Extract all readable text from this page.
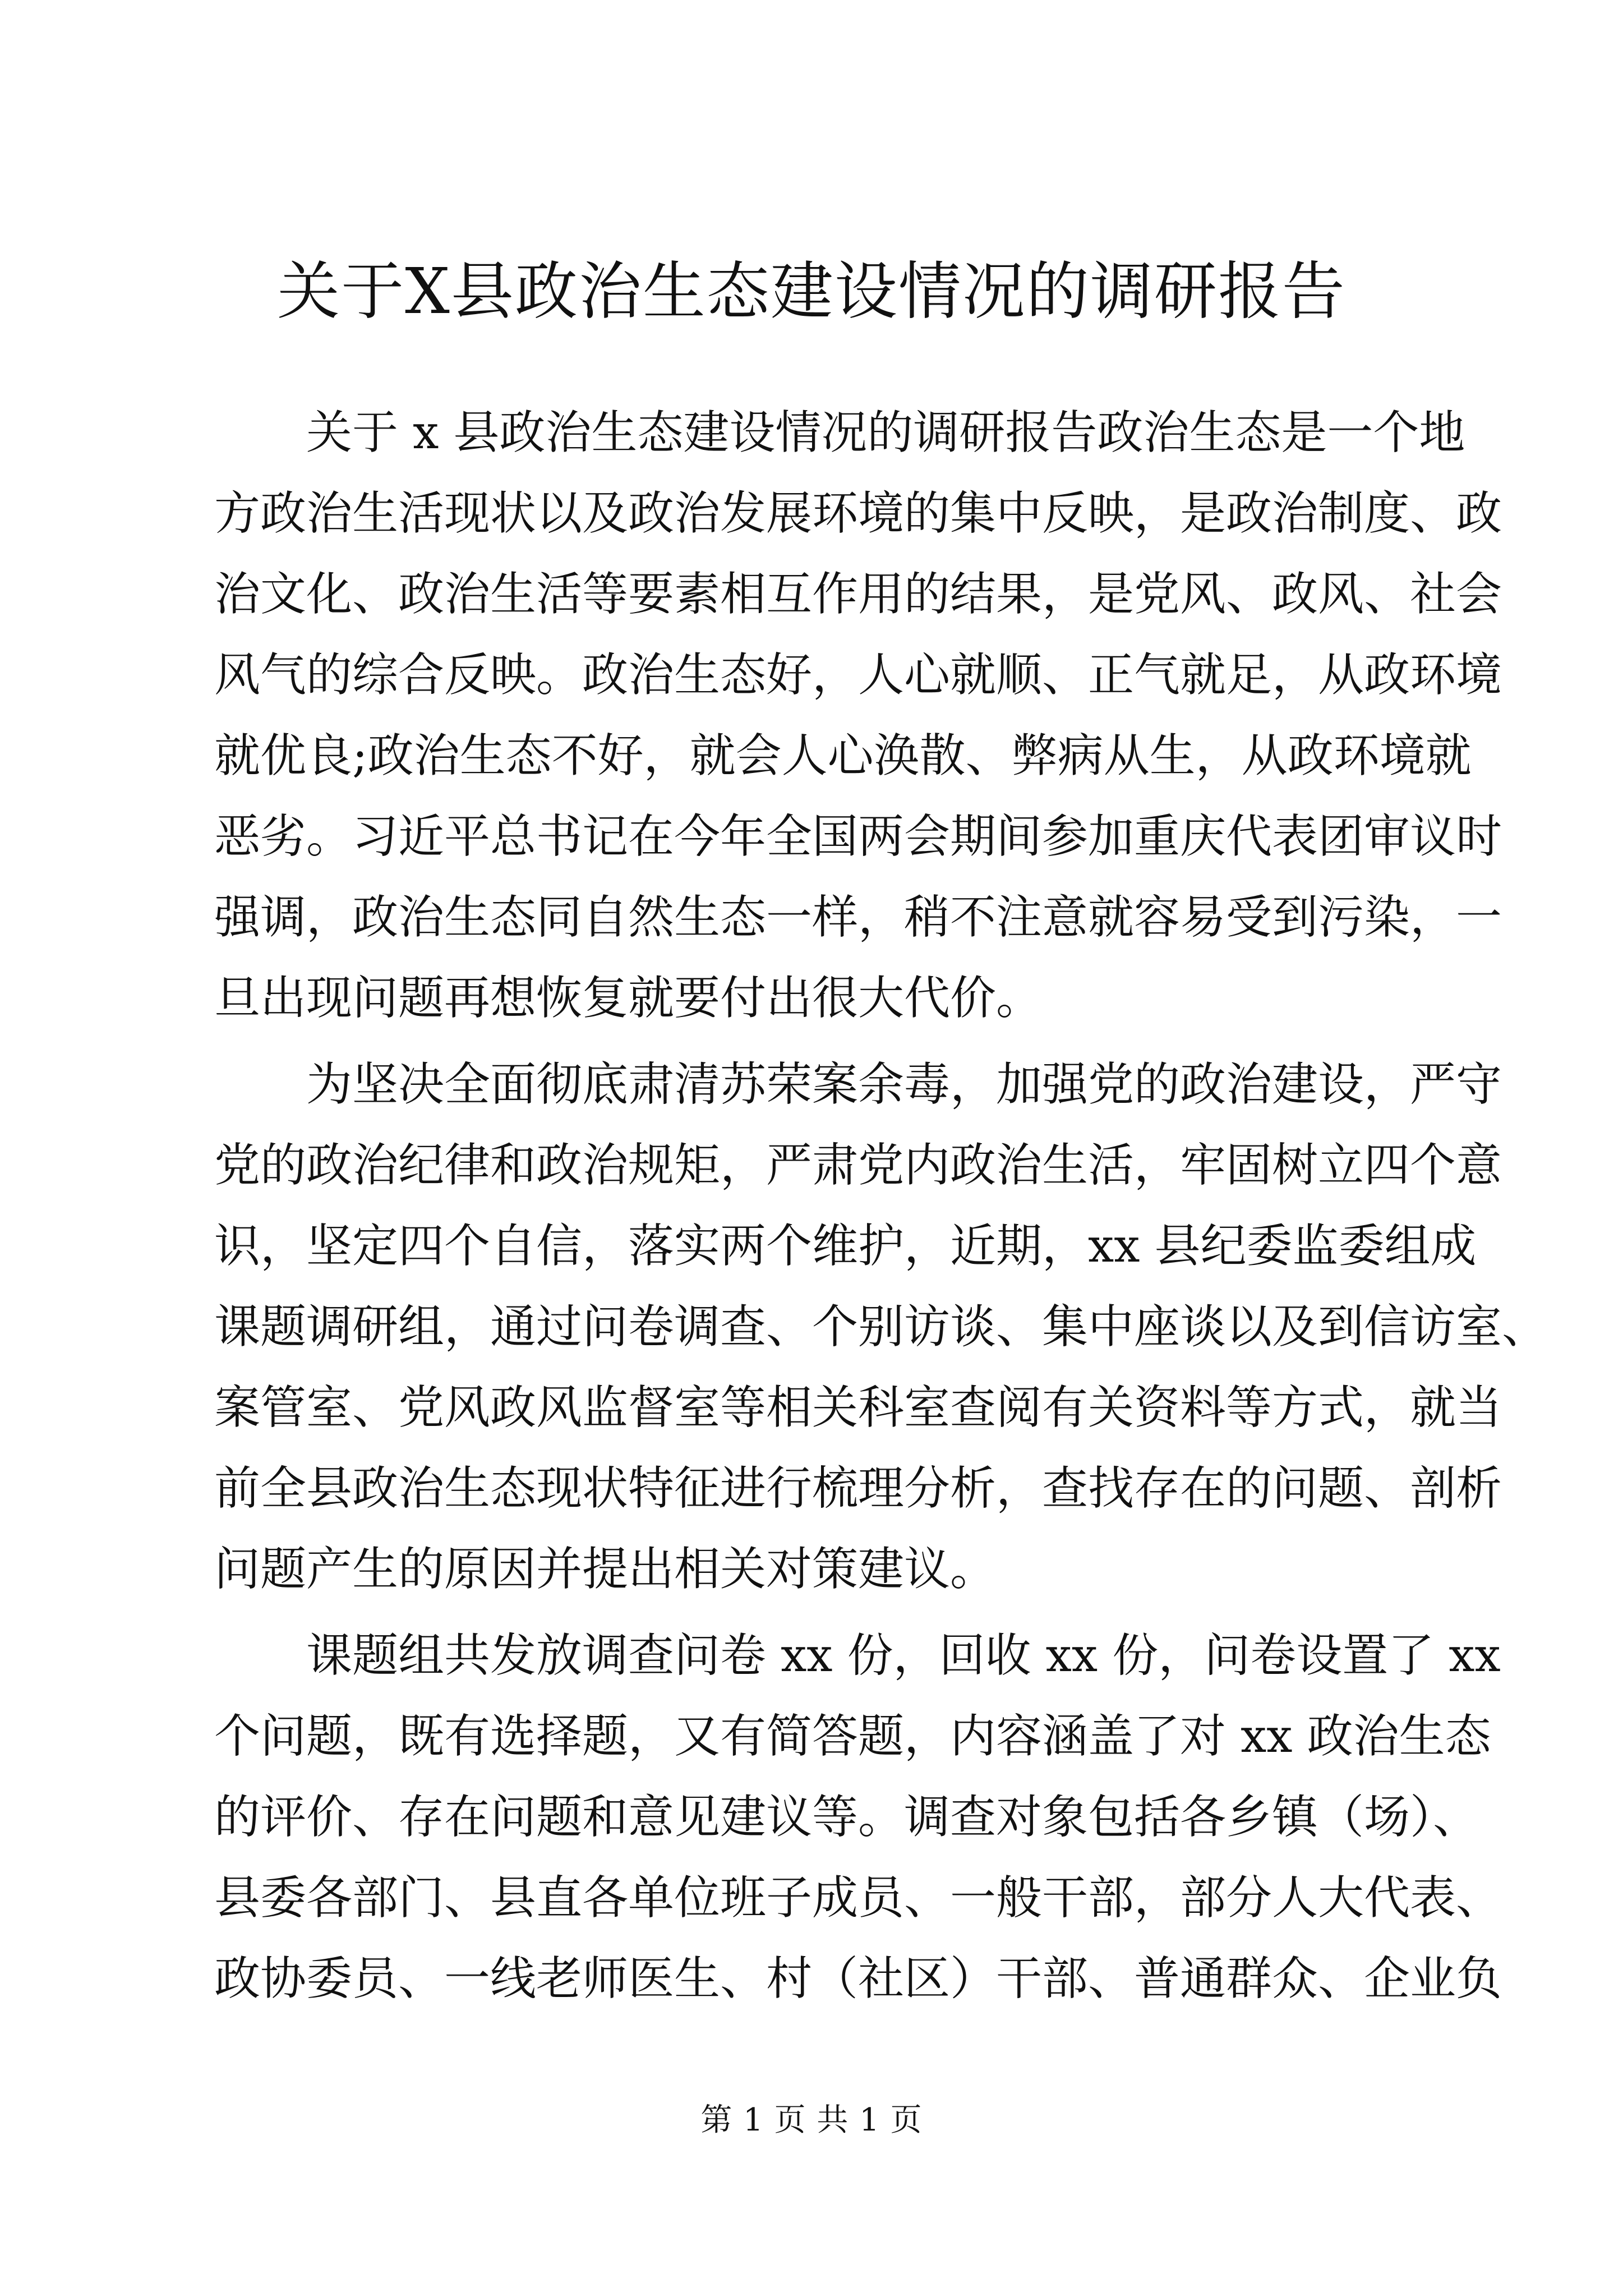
关于X县政治生态建设情况的调研报告
关于 x 县政治生态建设情况的调研报告政治生态是一个地
方政治生活现状以及政治发展环境的集中反映，是政治制度、政
治文化、政治生活等要素相互作用的结果，是党风、政风、社会
风气的综合反映。政治生态好，人心就顺、正气就足，从政环境
就优良;政治生态不好，就会人心涣散、弊病从生，从政环境就
恶劣。习近平总书记在今年全国两会期间参加重庆代表团审议时
强调，政治生态同自然生态一样，稍不注意就容易受到污染，一
旦出现问题再想恢复就要付出很大代价。
为坚决全面彻底肃清苏荣案余毒，加强党的政治建设，严守
党的政治纪律和政治规矩，严肃党内政治生活，牢固树立四个意
识，坚定四个自信，落实两个维护，近期，xx 县纪委监委组成
课题调研组，通过问卷调查、个别访谈、集中座谈以及到信访室、
案管室、党风政风监督室等相关科室查阅有关资料等方式，就当
前全县政治生态现状特征进行梳理分析，查找存在的问题、剖析
问题产生的原因并提出相关对策建议。
课题组共发放调查问卷 xx 份，回收 xx 份，问卷设置了 xx
个问题，既有选择题，又有简答题，内容涵盖了对 xx 政治生态
的评价、存在问题和意见建议等。调查对象包括各乡镇（场）、
县委各部门、县直各单位班子成员、一般干部，部分人大代表、
政协委员、一线老师医生、村（社区）干部、普通群众、企业负
第 1 页 共 1 页
